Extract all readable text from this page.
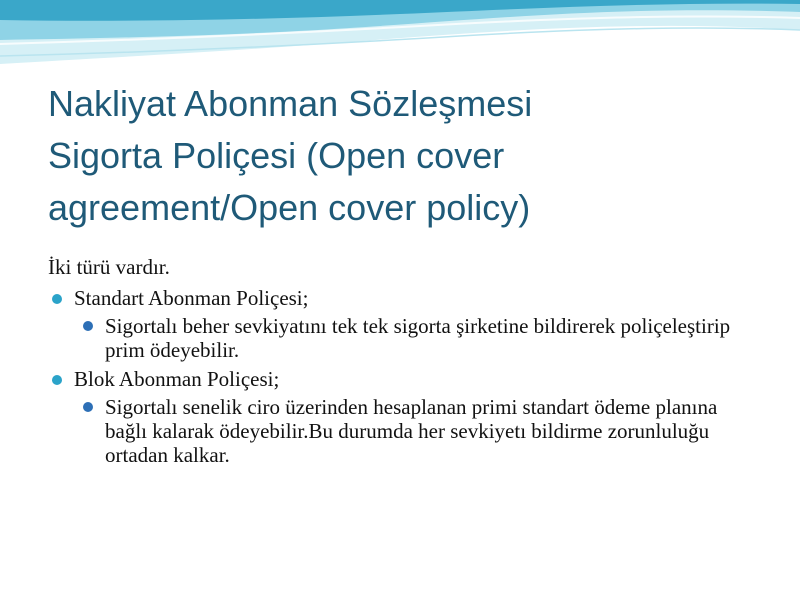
Nakliyat Abonman Sözleşmesi
Sigorta Poliçesi (Open cover
agreement/Open cover policy)

İki türü vardır.

Standart Abonman Poliçesi;
Sigortalı beher sevkiyatını tek tek sigorta şirketine bildirerek poliçeleştirip prim ödeyebilir.
Blok Abonman Poliçesi;
Sigortalı senelik ciro üzerinden hesaplanan primi standart ödeme planına bağlı kalarak ödeyebilir.Bu durumda her sevkiyetı bildirme zorunluluğu ortadan kalkar.
